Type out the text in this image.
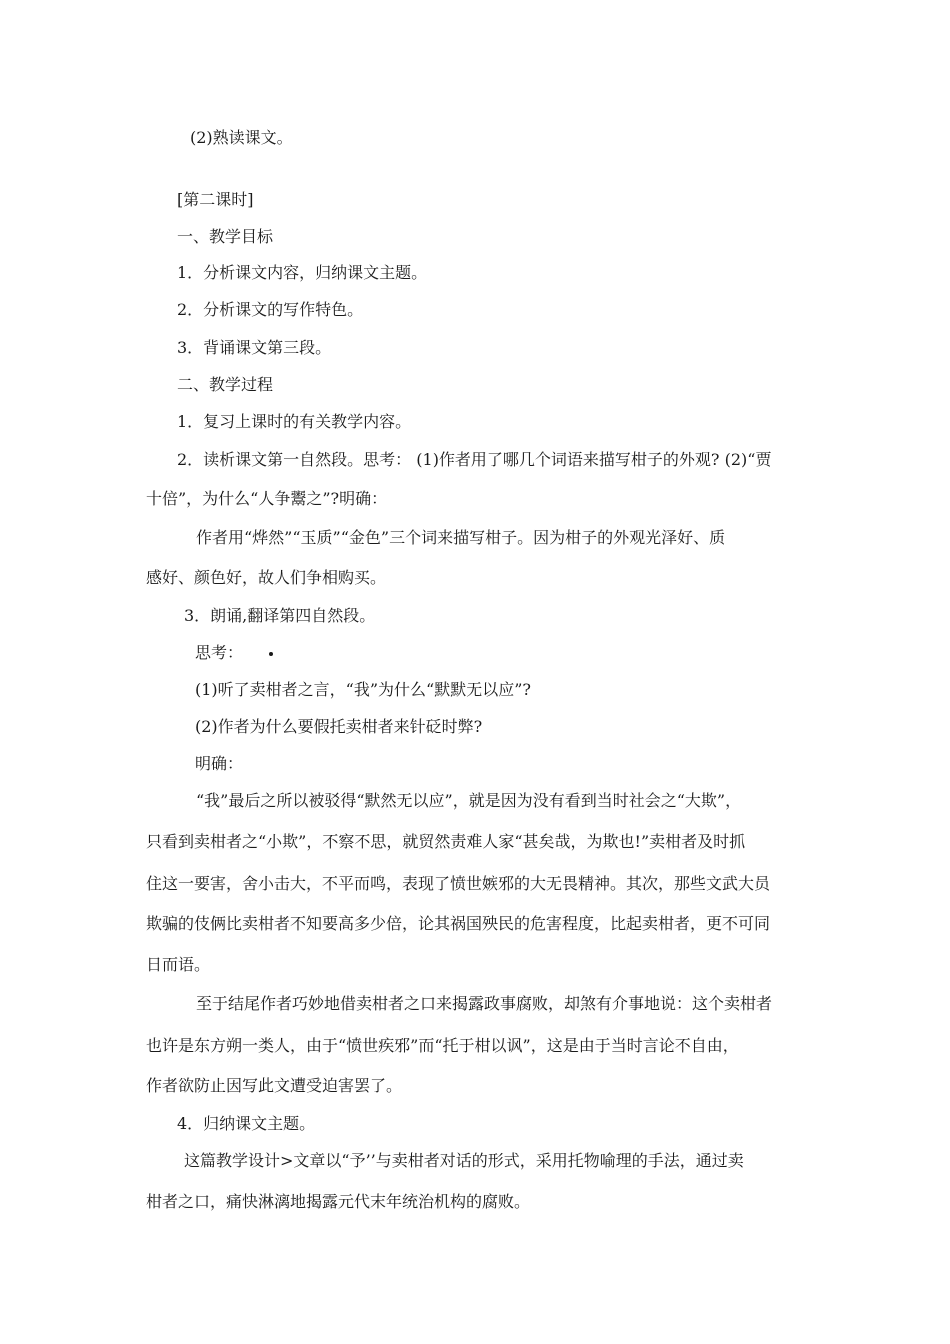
(2)熟读课文。
[第二课时]
一、教学目标
1．分析课文内容，归纳课文主题。
2．分析课文的写作特色。
3．背诵课文第三段。
二、教学过程
1．复习上课时的有关教学内容。
2．读析课文第一自然段。思考： (1)作者用了哪几个词语来描写柑子的外观? (2)“贾
十倍”，为什么“人争鬻之”?明确：
作者用“烨然”“玉质”“金色”三个词来描写柑子。因为柑子的外观光泽好、质
感好、颜色好，故人们争相购买。
3．朗诵,翻译第四自然段。
思考：
(1)听了卖柑者之言，“我”为什么“默默无以应”?
(2)作者为什么要假托卖柑者来针砭时弊?
明确：
“我”最后之所以被驳得“默然无以应”，就是因为没有看到当时社会之“大欺”，
只看到卖柑者之“小欺”，不察不思，就贸然责难人家“甚矣哉，为欺也!”卖柑者及时抓
住这一要害，舍小击大，不平而鸣，表现了愤世嫉邪的大无畏精神。其次，那些文武大员
欺骗的伎俩比卖柑者不知要高多少倍，论其祸国殃民的危害程度，比起卖柑者，更不可同
日而语。
至于结尾作者巧妙地借卖柑者之口来揭露政事腐败，却煞有介事地说：这个卖柑者
也许是东方朔一类人，由于“愤世疾邪”而“托于柑以讽”，这是由于当时言论不自由，
作者欲防止因写此文遭受迫害罢了。
4．归纳课文主题。
这篇教学设计>文章以“予’’与卖柑者对话的形式，采用托物喻理的手法，通过卖
柑者之口，痛快淋漓地揭露元代末年统治机构的腐败。
